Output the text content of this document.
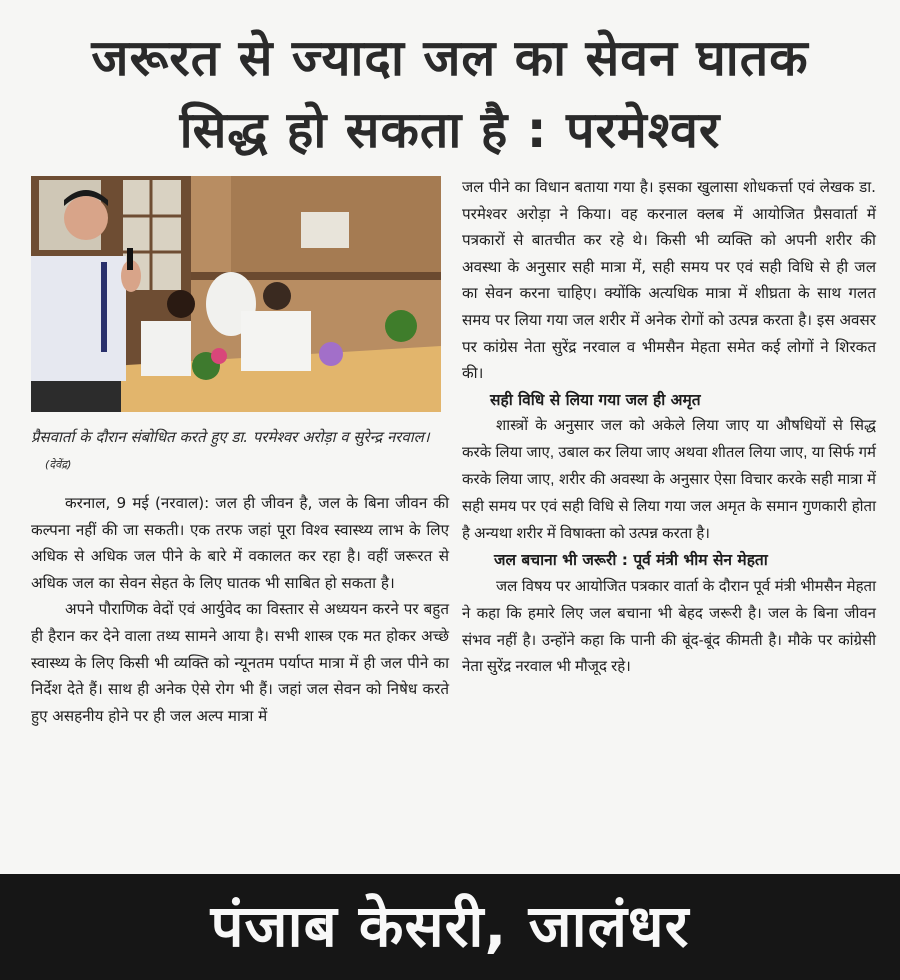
जरूरत से ज्यादा जल का सेवन घातक
सिद्ध हो सकता है : परमेश्वर
प्रैसवार्ता के दौरान संबोधित करते हुए डा. परमेश्वर अरोड़ा व सुरेन्द्र नरवाल। (देवेंद्र)

करनाल, 9 मई (नरवाल): जल ही जीवन है, जल के बिना जीवन की कल्पना नहीं की जा सकती। एक तरफ जहां पूरा विश्व स्वास्थ्य लाभ के लिए अधिक से अधिक जल पीने के बारे में वकालत कर रहा है। वहीं जरूरत से अधिक जल का सेवन सेहत के लिए घातक भी साबित हो सकता है।

अपने पौराणिक वेदों एवं आर्युवेद का विस्तार से अध्ययन करने पर बहुत ही हैरान कर देने वाला तथ्य सामने आया है। सभी शास्त्र एक मत होकर अच्छे स्वास्थ्य के लिए किसी भी व्यक्ति को न्यूनतम पर्याप्त मात्रा में ही जल पीने का निर्देश देते हैं। साथ ही अनेक ऐसे रोग भी हैं। जहां जल सेवन को निषेध करते हुए असहनीय होने पर ही जल अल्प मात्रा में

जल पीने का विधान बताया गया है। इसका खुलासा शोधकर्त्ता एवं लेखक डा. परमेश्वर अरोड़ा ने किया। वह करनाल क्लब में आयोजित प्रैसवार्ता में पत्रकारों से बातचीत कर रहे थे। किसी भी व्यक्ति को अपनी शरीर की अवस्था के अनुसार सही मात्रा में, सही समय पर एवं सही विधि से ही जल का सेवन करना चाहिए। क्योंकि अत्यधिक मात्रा में शीघ्रता के साथ गलत समय पर लिया गया जल शरीर में अनेक रोगों को उत्पन्न करता है। इस अवसर पर कांग्रेस नेता सुरेंद्र नरवाल व भीमसैन मेहता समेत कई लोगों ने शिरकत की।

सही विधि से लिया गया जल ही अमृत

शास्त्रों के अनुसार जल को अकेले लिया जाए या औषधियों से सिद्ध करके लिया जाए, उबाल कर लिया जाए अथवा शीतल लिया जाए, या सिर्फ गर्म करके लिया जाए, शरीर की अवस्था के अनुसार ऐसा विचार करके सही मात्रा में सही समय पर एवं सही विधि से लिया गया जल अमृत के समान गुणकारी होता है अन्यथा शरीर में विषाक्ता को उत्पन्न करता है।

जल बचाना भी जरूरी : पूर्व मंत्री भीम सेन मेहता

जल विषय पर आयोजित पत्रकार वार्ता के दौरान पूर्व मंत्री भीमसैन मेहता ने कहा कि हमारे लिए जल बचाना भी बेहद जरूरी है। जल के बिना जीवन संभव नहीं है। उन्होंने कहा कि पानी की बूंद-बूंद कीमती है। मौके पर कांग्रेसी नेता सुरेंद्र नरवाल भी मौजूद रहे।

पंजाब केसरी, जालंधर
